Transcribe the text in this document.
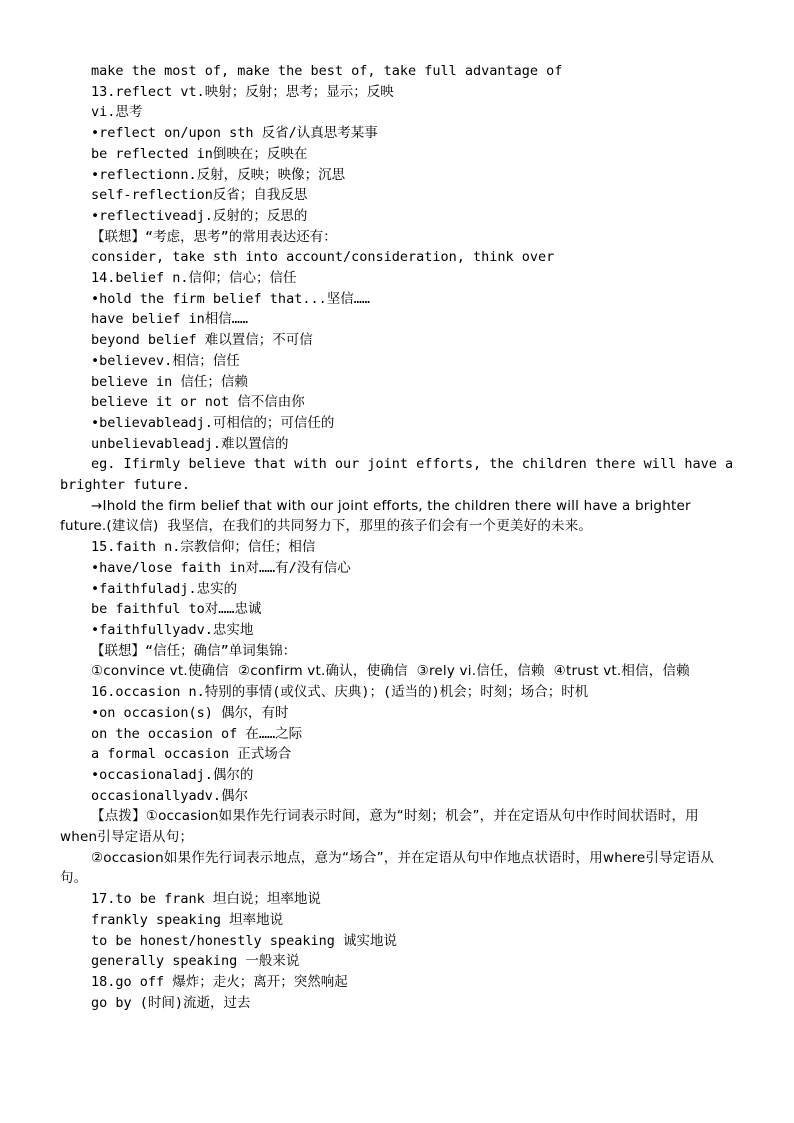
make the most of, make the best of, take full advantage of

13.reflect vt.映射；反射；思考；显示；反映

vi.思考

•reflect on/upon sth 反省/认真思考某事

be reflected in倒映在；反映在

•reflectionn.反射，反映；映像；沉思

self-reflection反省；自我反思

•reflectiveadj.反射的；反思的

【联想】“考虑，思考”的常用表达还有：

consider, take sth into account/consideration, think over

14.belief n.信仰；信心；信任

•hold the firm belief that...坚信……

have belief in相信……

beyond belief 难以置信；不可信

•believev.相信；信任

believe in 信任；信赖

believe it or not 信不信由你

•believableadj.可相信的；可信任的

unbelievableadj.难以置信的

eg. Ifirmly believe that with our joint efforts, the children there will have a brighter future.

→Ihold the firm belief that with our joint efforts, the children there will have a brighter future.(建议信)  我坚信，在我们的共同努力下，那里的孩子们会有一个更美好的未来。

15.faith n.宗教信仰；信任；相信

•have/lose faith in对……有/没有信心

•faithfuladj.忠实的

be faithful to对……忠诚

•faithfullyadv.忠实地

【联想】“信任；确信”单词集锦：

①convince vt.使确信  ②confirm vt.确认，使确信  ③rely vi.信任，信赖  ④trust vt.相信，信赖

16.occasion n.特别的事情(或仪式、庆典)；(适当的)机会；时刻；场合；时机

•on occasion(s) 偶尔，有时

on the occasion of 在……之际

a formal occasion 正式场合

•occasionaladj.偶尔的

occasionallyadv.偶尔

【点拨】①occasion如果作先行词表示时间，意为“时刻；机会”，并在定语从句中作时间状语时，用when引导定语从句；

②occasion如果作先行词表示地点，意为“场合”，并在定语从句中作地点状语时，用where引导定语从句。

17.to be frank 坦白说；坦率地说

frankly speaking 坦率地说

to be honest/honestly speaking 诚实地说

generally speaking 一般来说

18.go off 爆炸；走火；离开；突然响起

go by (时间)流逝，过去
